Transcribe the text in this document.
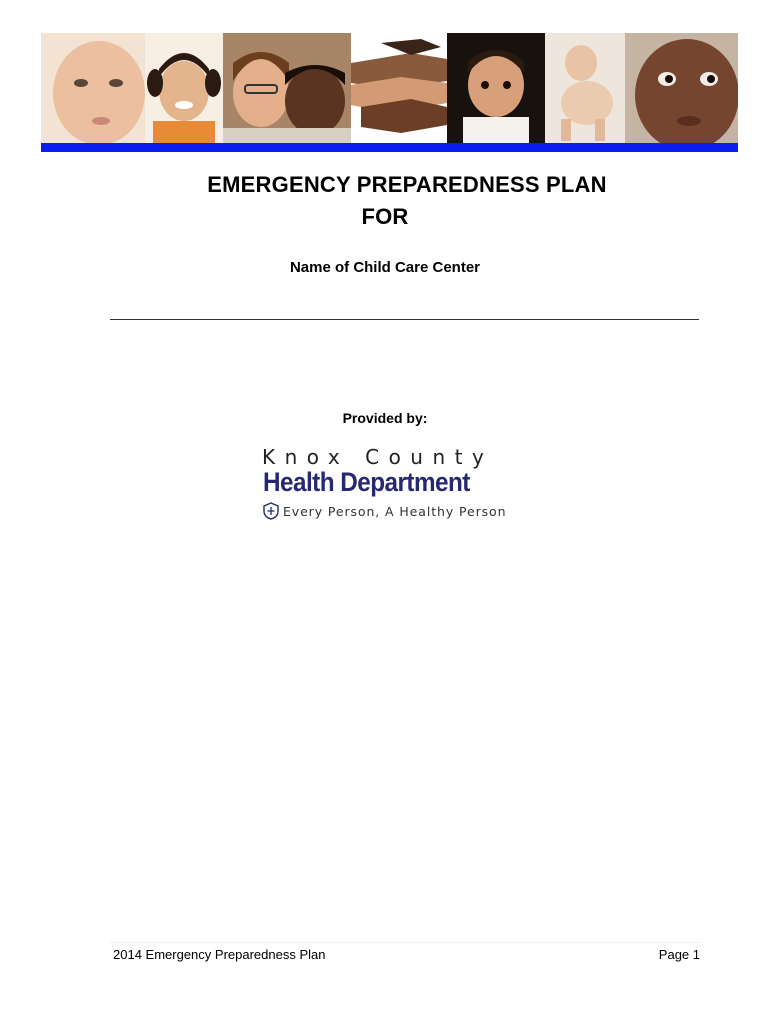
EMERGENCY PREPAREDNESS PLAN
FOR
Name of Child Care Center
Provided by:
Knox County
Health Department
Every Person, A Healthy Person
2014 Emergency Preparedness Plan	Page 1
